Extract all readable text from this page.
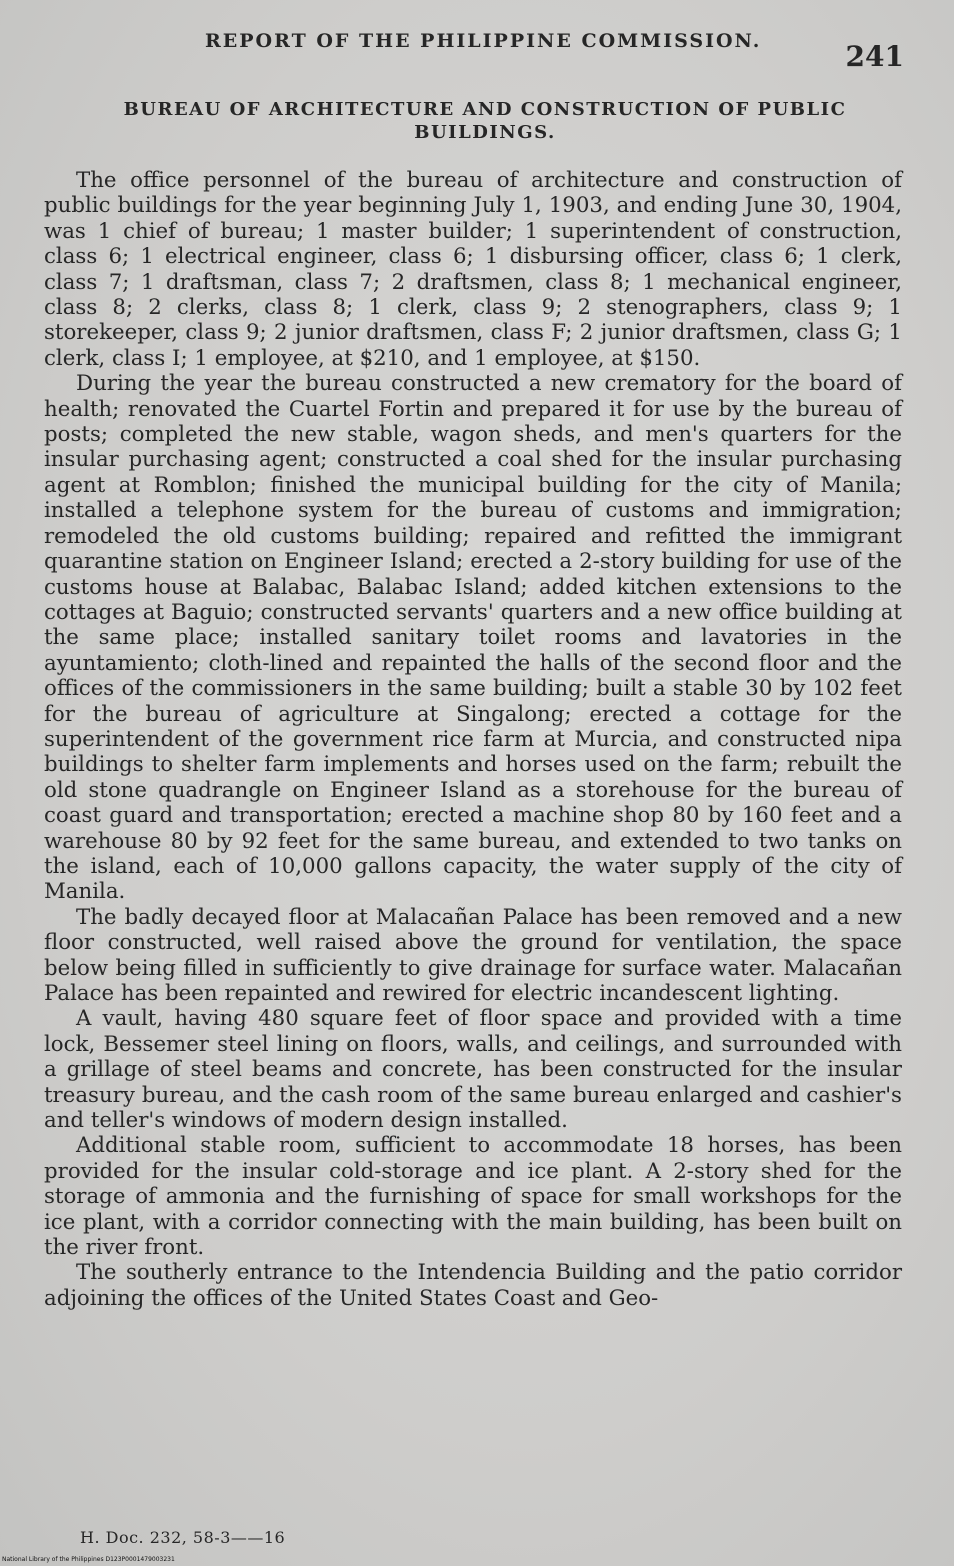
REPORT OF THE PHILIPPINE COMMISSION.	241
BUREAU OF ARCHITECTURE AND CONSTRUCTION OF PUBLIC BUILDINGS.

The office personnel of the bureau of architecture and construction of public buildings for the year beginning July 1, 1903, and ending June 30, 1904, was 1 chief of bureau; 1 master builder; 1 superintendent of construction, class 6; 1 electrical engineer, class 6; 1 disbursing officer, class 6; 1 clerk, class 7; 1 draftsman, class 7; 2 draftsmen, class 8; 1 mechanical engineer, class 8; 2 clerks, class 8; 1 clerk, class 9; 2 stenographers, class 9; 1 storekeeper, class 9; 2 junior draftsmen, class F; 2 junior draftsmen, class G; 1 clerk, class I; 1 employee, at $210, and 1 employee, at $150.

During the year the bureau constructed a new crematory for the board of health; renovated the Cuartel Fortin and prepared it for use by the bureau of posts; completed the new stable, wagon sheds, and men's quarters for the insular purchasing agent; constructed a coal shed for the insular purchasing agent at Romblon; finished the municipal building for the city of Manila; installed a telephone system for the bureau of customs and immigration; remodeled the old customs building; repaired and refitted the immigrant quarantine station on Engineer Island; erected a 2-story building for use of the customs house at Balabac, Balabac Island; added kitchen extensions to the cottages at Baguio; constructed servants' quarters and a new office building at the same place; installed sanitary toilet rooms and lavatories in the ayuntamiento; cloth-lined and repainted the halls of the second floor and the offices of the commissioners in the same building; built a stable 30 by 102 feet for the bureau of agriculture at Singalong; erected a cottage for the superintendent of the government rice farm at Murcia, and constructed nipa buildings to shelter farm implements and horses used on the farm; rebuilt the old stone quadrangle on Engineer Island as a storehouse for the bureau of coast guard and transportation; erected a machine shop 80 by 160 feet and a warehouse 80 by 92 feet for the same bureau, and extended to two tanks on the island, each of 10,000 gallons capacity, the water supply of the city of Manila.

The badly decayed floor at Malacañan Palace has been removed and a new floor constructed, well raised above the ground for ventilation, the space below being filled in sufficiently to give drainage for surface water. Malacañan Palace has been repainted and rewired for electric incandescent lighting.

A vault, having 480 square feet of floor space and provided with a time lock, Bessemer steel lining on floors, walls, and ceilings, and surrounded with a grillage of steel beams and concrete, has been constructed for the insular treasury bureau, and the cash room of the same bureau enlarged and cashier's and teller's windows of modern design installed.

Additional stable room, sufficient to accommodate 18 horses, has been provided for the insular cold-storage and ice plant. A 2-story shed for the storage of ammonia and the furnishing of space for small workshops for the ice plant, with a corridor connecting with the main building, has been built on the river front.

The southerly entrance to the Intendencia Building and the patio corridor adjoining the offices of the United States Coast and Geo-

H. Doc. 232, 58-3——16
National Library of the Philippines D123P0001479003231
